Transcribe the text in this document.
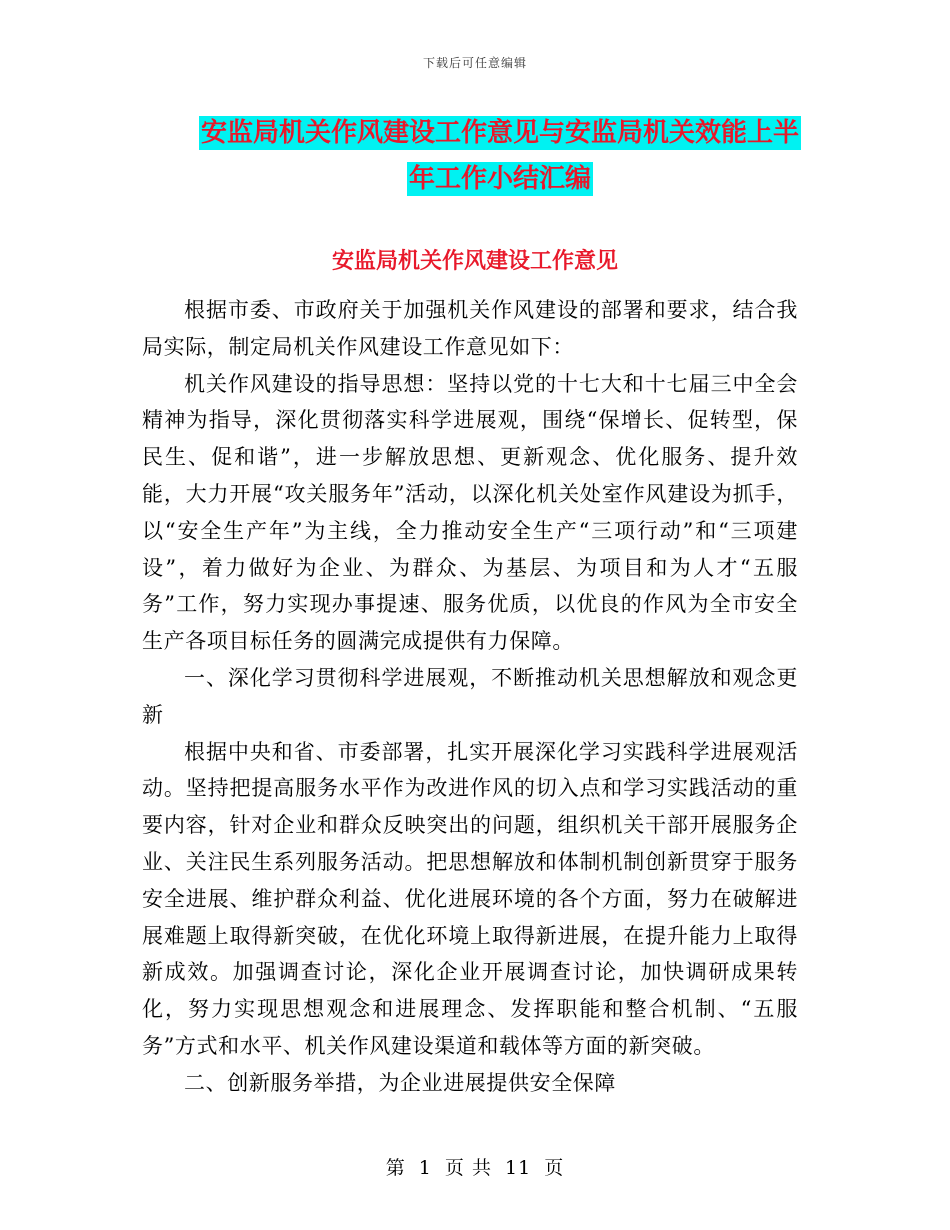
下载后可任意编辑
安监局机关作风建设工作意见与安监局机关效能上半
年工作小结汇编
安监局机关作风建设工作意见

根据市委、市政府关于加强机关作风建设的部署和要求，结合我局实际，制定局机关作风建设工作意见如下：

机关作风建设的指导思想：坚持以党的十七大和十七届三中全会精神为指导，深化贯彻落实科学进展观，围绕“保增长、促转型，保民生、促和谐”，进一步解放思想、更新观念、优化服务、提升效能，大力开展“攻关服务年”活动，以深化机关处室作风建设为抓手，以“安全生产年”为主线，全力推动安全生产“三项行动”和“三项建设”，着力做好为企业、为群众、为基层、为项目和为人才“五服务”工作，努力实现办事提速、服务优质，以优良的作风为全市安全生产各项目标任务的圆满完成提供有力保障。

一、深化学习贯彻科学进展观，不断推动机关思想解放和观念更新

根据中央和省、市委部署，扎实开展深化学习实践科学进展观活动。坚持把提高服务水平作为改进作风的切入点和学习实践活动的重要内容，针对企业和群众反映突出的问题，组织机关干部开展服务企业、关注民生系列服务活动。把思想解放和体制机制创新贯穿于服务安全进展、维护群众利益、优化进展环境的各个方面，努力在破解进展难题上取得新突破，在优化环境上取得新进展，在提升能力上取得新成效。加强调查讨论，深化企业开展调查讨论，加快调研成果转化，努力实现思想观念和进展理念、发挥职能和整合机制、“五服务”方式和水平、机关作风建设渠道和载体等方面的新突破。

二、创新服务举措，为企业进展提供安全保障

第 1 页 共 11 页
